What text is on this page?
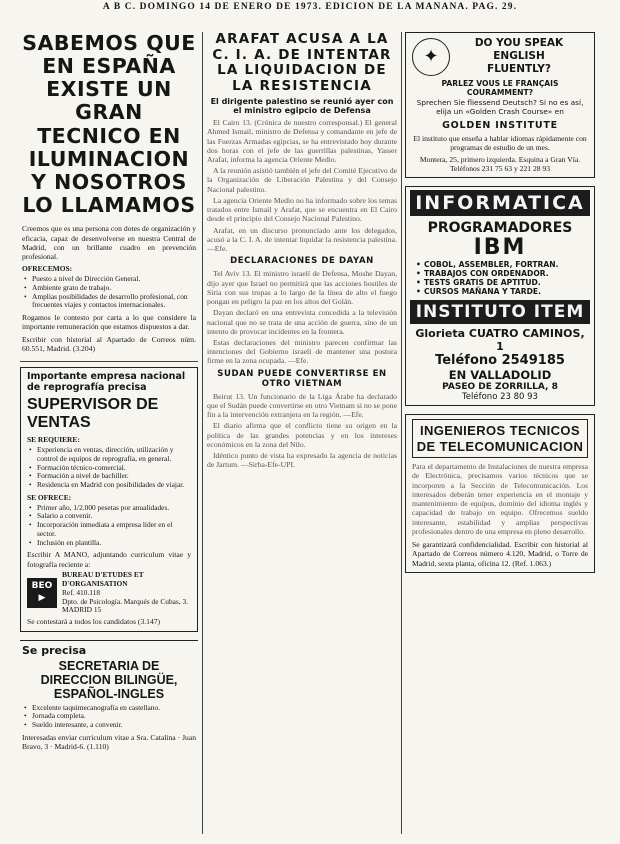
A B C. DOMINGO 14 DE ENERO DE 1973. EDICION DE LA MAÑANA. PAG. 29.
SABEMOS QUE EN ESPAÑA EXISTE UN GRAN TECNICO EN ILUMINACION Y NOSOTROS LO LLAMAMOS
Creemos que es una persona con dotes de organización y eficacia, capaz de desenvolverse en nuestra Central de Madrid, con un brillante cuadro en prevención profesional.
OFRECEMOS:
• Puesto a nivel de Dirección General.
• Ambiente grato de trabajo.
• Amplias posibilidades de desarrollo profesional, con frecuentes viajes y contactos internacionales.
Rogamos le contesto por carta a lo que considere la importante remuneración que estamos dispuestos a dar.
Escribir con historial al Apartado de Correos núm. 60.551, Madrid. (3.204)
Importante empresa nacional de reprografía precisa
SUPERVISOR DE VENTAS
SE REQUIERE:
• Experiencia en ventas, dirección, utilización y control de equipos de reprografía, en general.
• Formación técnico-comercial.
• Formación a nivel de bachiller.
• Residencia en Madrid con posibilidades de viajar.
SE OFRECE:
• Primer año, 1/2.000 pesetas por anualidades.
• Salario a convenir.
• Incorporación inmediata a empresa líder en el sector.
• Inclusión en plantilla.
Escribir A MANO, adjuntando curriculum vitae y fotografía reciente a:
BEO
▶
BUREAU D'ETUDES ET D'ORGANISATION
Ref. 410.118
Dpto. de Psicología. Marqués de Cubas, 3. MADRID 15
Se contestará a todos los candidatos (3.147)
Se precisa
SECRETARIA DE DIRECCION BILINGÜE, ESPAÑOL-INGLES
• Excelente taquimecanografía en castellano.
• Jornada completa.
• Sueldo interesante, a convenir.
Interesadas enviar curriculum vitae a Sra. Catalina · Juan Bravo, 3 · Madrid-6. (1.110)
ARAFAT ACUSA A LA C. I. A. DE INTENTAR LA LIQUIDACION DE LA RESISTENCIA
El dirigente palestino se reunió ayer con el ministro egipcio de Defensa

El Cairo 13. (Crónica de nuestro corresponsal.) El general Ahmed Ismail, ministro de Defensa y comandante en jefe de las Fuerzas Armadas egipcias, se ha entrevistado hoy durante dos horas con el jefe de las guerrillas palestinas, Yasser Arafat, informa la agencia Oriente Medio.

A la reunión asistió también el jefe del Comité Ejecutivo de la Organización de Liberación Palestina y del Consejo Nacional palestino.

La agencia Oriente Medio no ha informado sobre los temas tratados entre Ismail y Arafat, que se encuentra en El Cairo desde el principio del Consejo Nacional Palestino.

Arafat, en un discurso pronunciado ante los delegados, acusó a la C. I. A. de intentar liquidar la resistencia palestina. —Efe.

DECLARACIONES DE DAYAN

Tel Aviv 13. El ministro israelí de Defensa, Moshe Dayan, dijo ayer que Israel no permitirá que las acciones hostiles de Siria con sus tropas a lo largo de la línea de alto el fuego pongan en peligro la paz en los altos del Golán.

Dayan declaró en una entrevista concedida a la televisión nacional que no se trata de una acción de guerra, sino de un intento de provocar incidentes en la frontera.

Estas declaraciones del ministro parecen confirmar las intenciones del Gobierno israelí de mantener una postura firme en la zona ocupada. —Efe.

SUDAN PUEDE CONVERTIRSE EN OTRO VIETNAM

Beirut 13. Un funcionario de la Liga Árabe ha declarado que el Sudán puede convertirse en otro Vietnam si no se pone fin a la intervención extranjera en la región. —Efe.

El diario afirma que el conflicto tiene su origen en la política de las grandes potencias y en los intereses económicos en la zona del Nilo.

Idéntico punto de vista ha expresado la agencia de noticias de Jartum. —Sirba-Efe-UPI.

✦
DO YOU SPEAK
ENGLISH
FLUENTLY?
PARLEZ VOUS LE FRANÇAIS COURAMMENT?
Sprechen Sie fliessend Deutsch? Si no es así, elija un «Golden Crash Course» en
GOLDEN INSTITUTE
El instituto que enseña a hablar idiomas rápidamente con programas de estudio de un mes.
Montera, 25, primero izquierda. Esquina a Gran Vía.
Teléfonos 231 75 63 y 221 28 93
INFORMATICA
PROGRAMADORES
IBM
• COBOL, ASSEMBLER, FORTRAN.
• TRABAJOS CON ORDENADOR.
• TESTS GRATIS DE APTITUD.
• CURSOS MAÑANA Y TARDE.
INSTITUTO ITEM
Glorieta CUATRO CAMINOS, 1
Teléfono 2549185
EN VALLADOLID
PASEO DE ZORRILLA, 8
Teléfono 23 80 93
INGENIEROS TECNICOS DE TELECOMUNICACION
Para el departamento de Instalaciones de nuestra empresa de Electrónica, precisamos varios técnicos que se incorporen a la Sección de Telecomunicación. Los interesados deberán tener experiencia en el montaje y mantenimiento de equipos, dominio del idioma inglés y capacidad de trabajo en equipo. Ofrecemos sueldo interesante, estabilidad y amplias perspectivas profesionales dentro de una empresa en pleno desarrollo.
Se garantizará confidencialidad. Escribir con historial al Apartado de Correos número 4.120, Madrid, o Torre de Madrid, sexta planta, oficina 12. (Ref. 1.063.)
